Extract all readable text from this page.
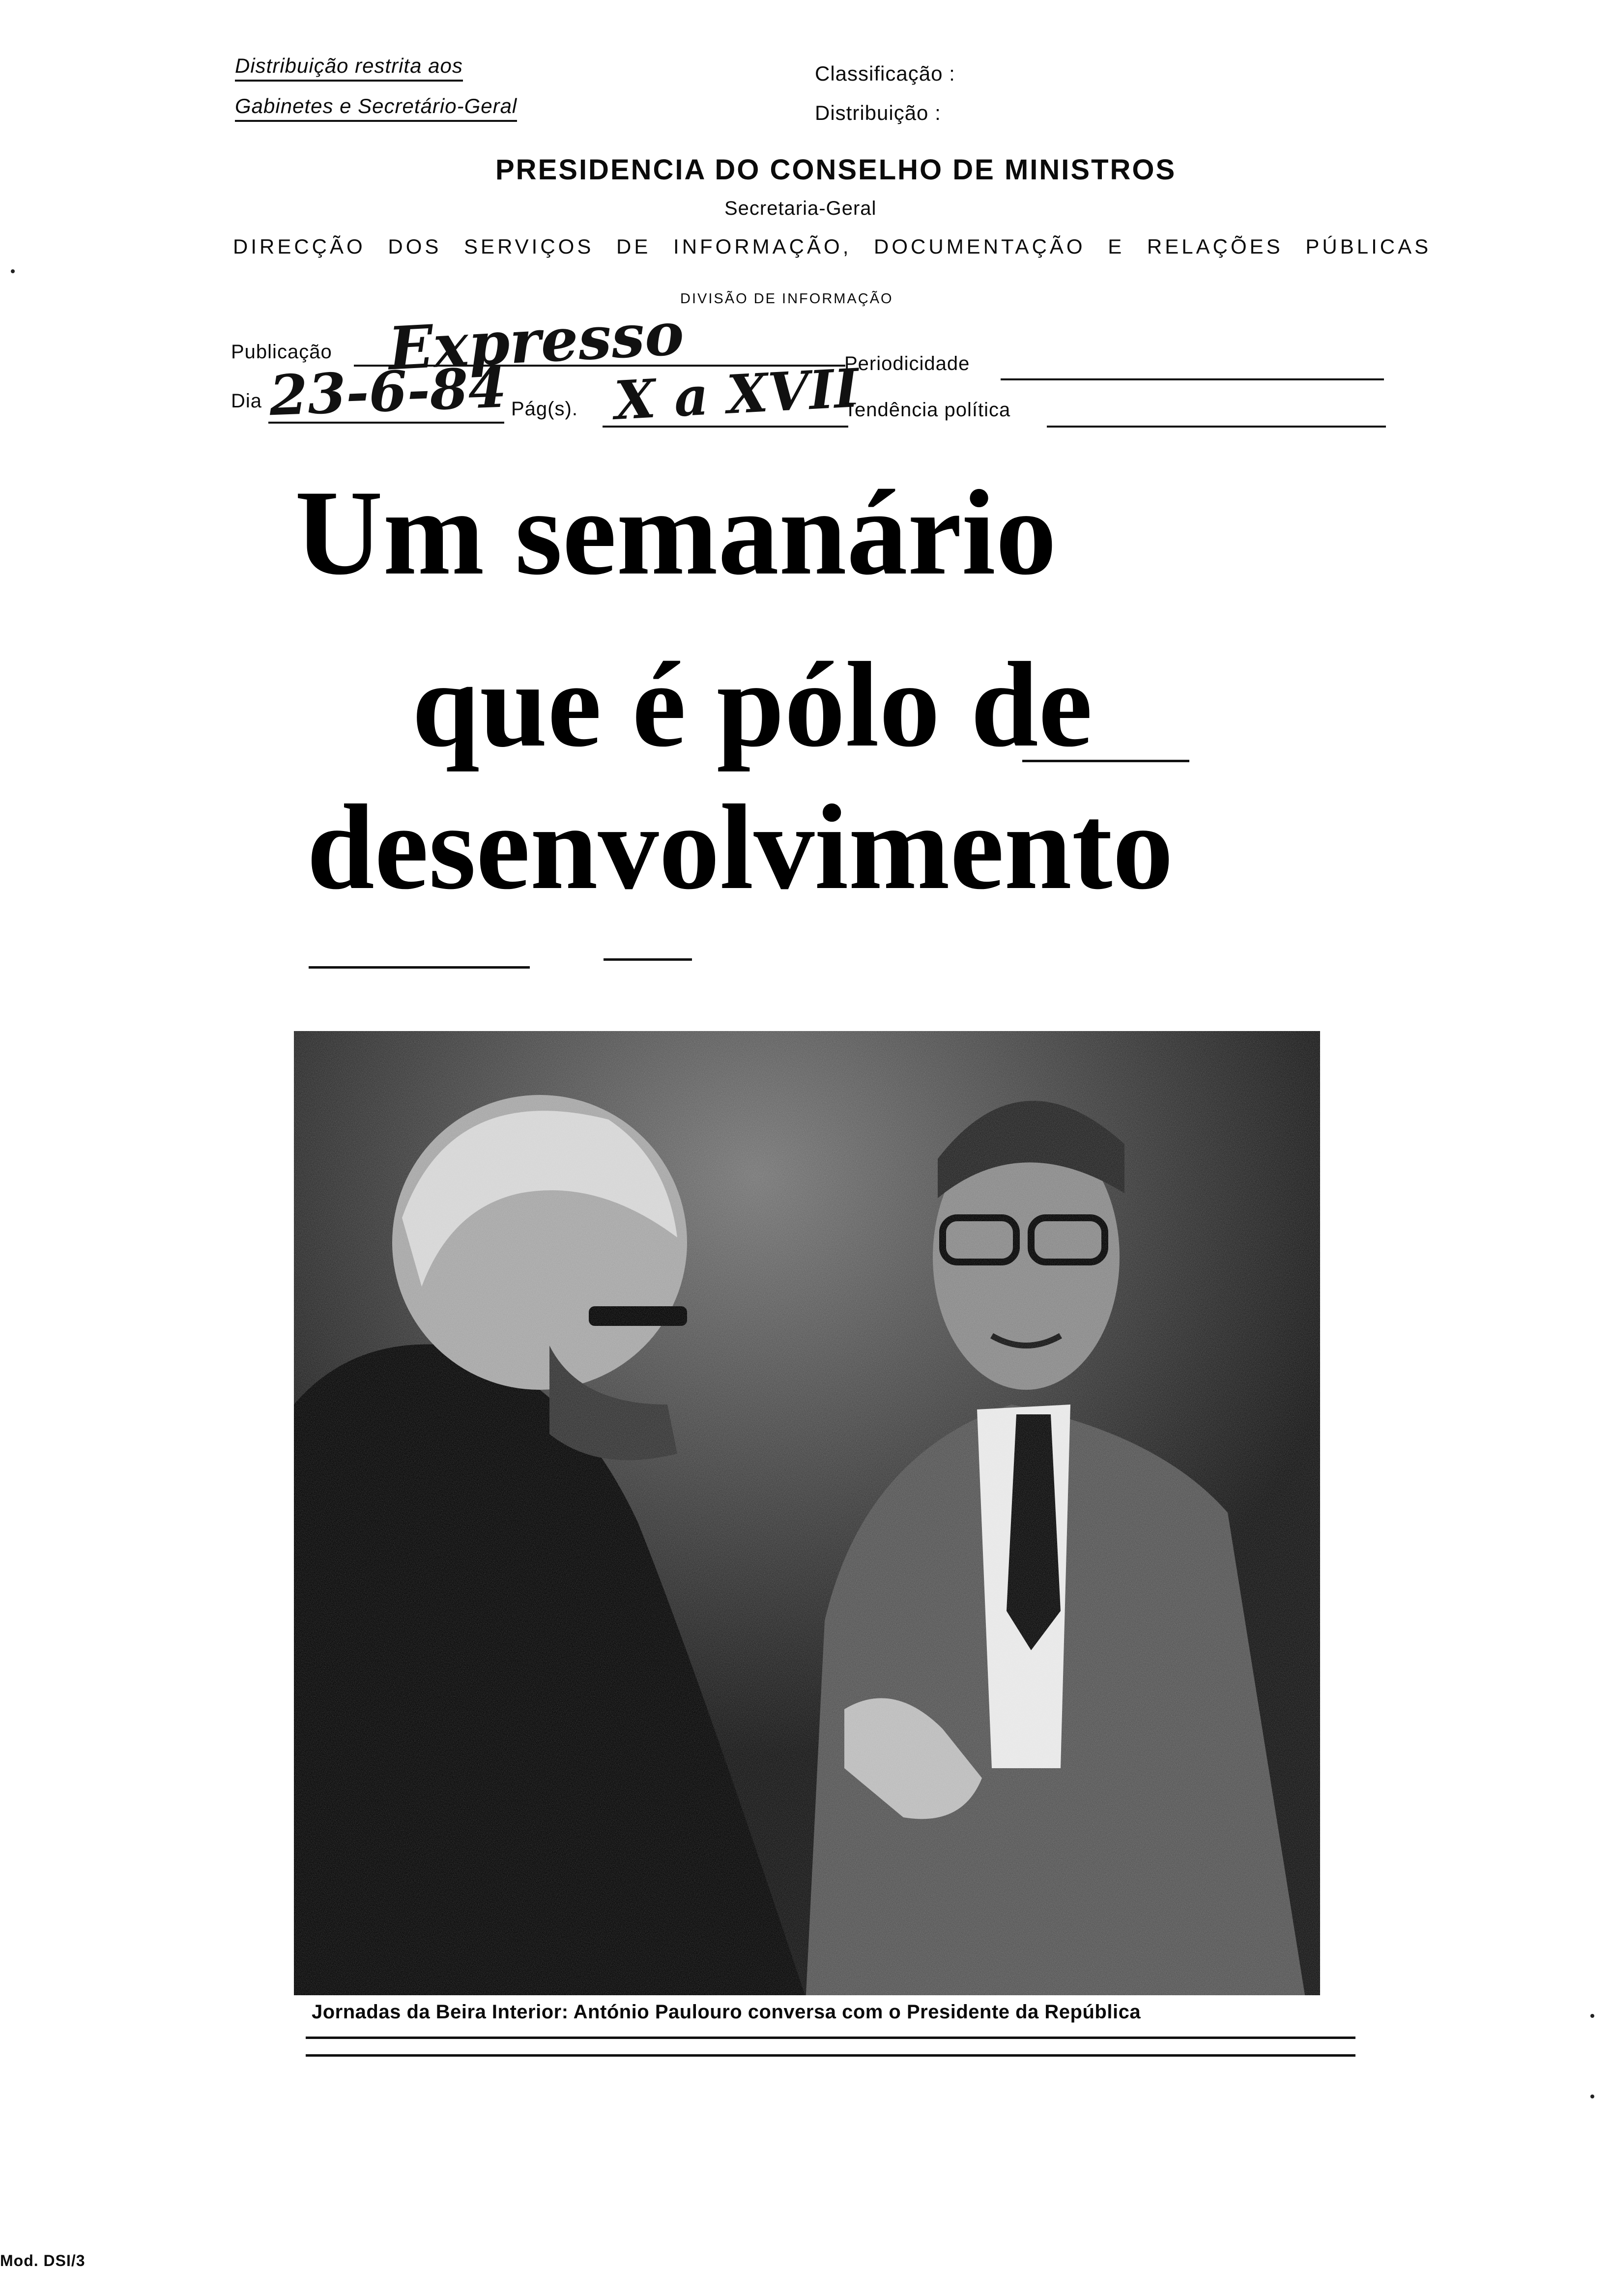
Distribuição restrita aos
Gabinetes e Secretário-Geral
Classificação :
Distribuição :
PRESIDENCIA DO CONSELHO DE MINISTROS
Secretaria-Geral
DIRECÇÃO DOS SERVIÇOS DE INFORMAÇÃO, DOCUMENTAÇÃO E RELAÇÕES PÚBLICAS
DIVISÃO DE INFORMAÇÃO
Publicação Expresso	Periodicidade
Dia 23-6-84 Pág(s). X a XVII
Tendência política
Um semanário
que é pólo de
desenvolvimento
Jornadas da Beira Interior: António Paulouro conversa com o Presidente da República
Mod. DSI/3
